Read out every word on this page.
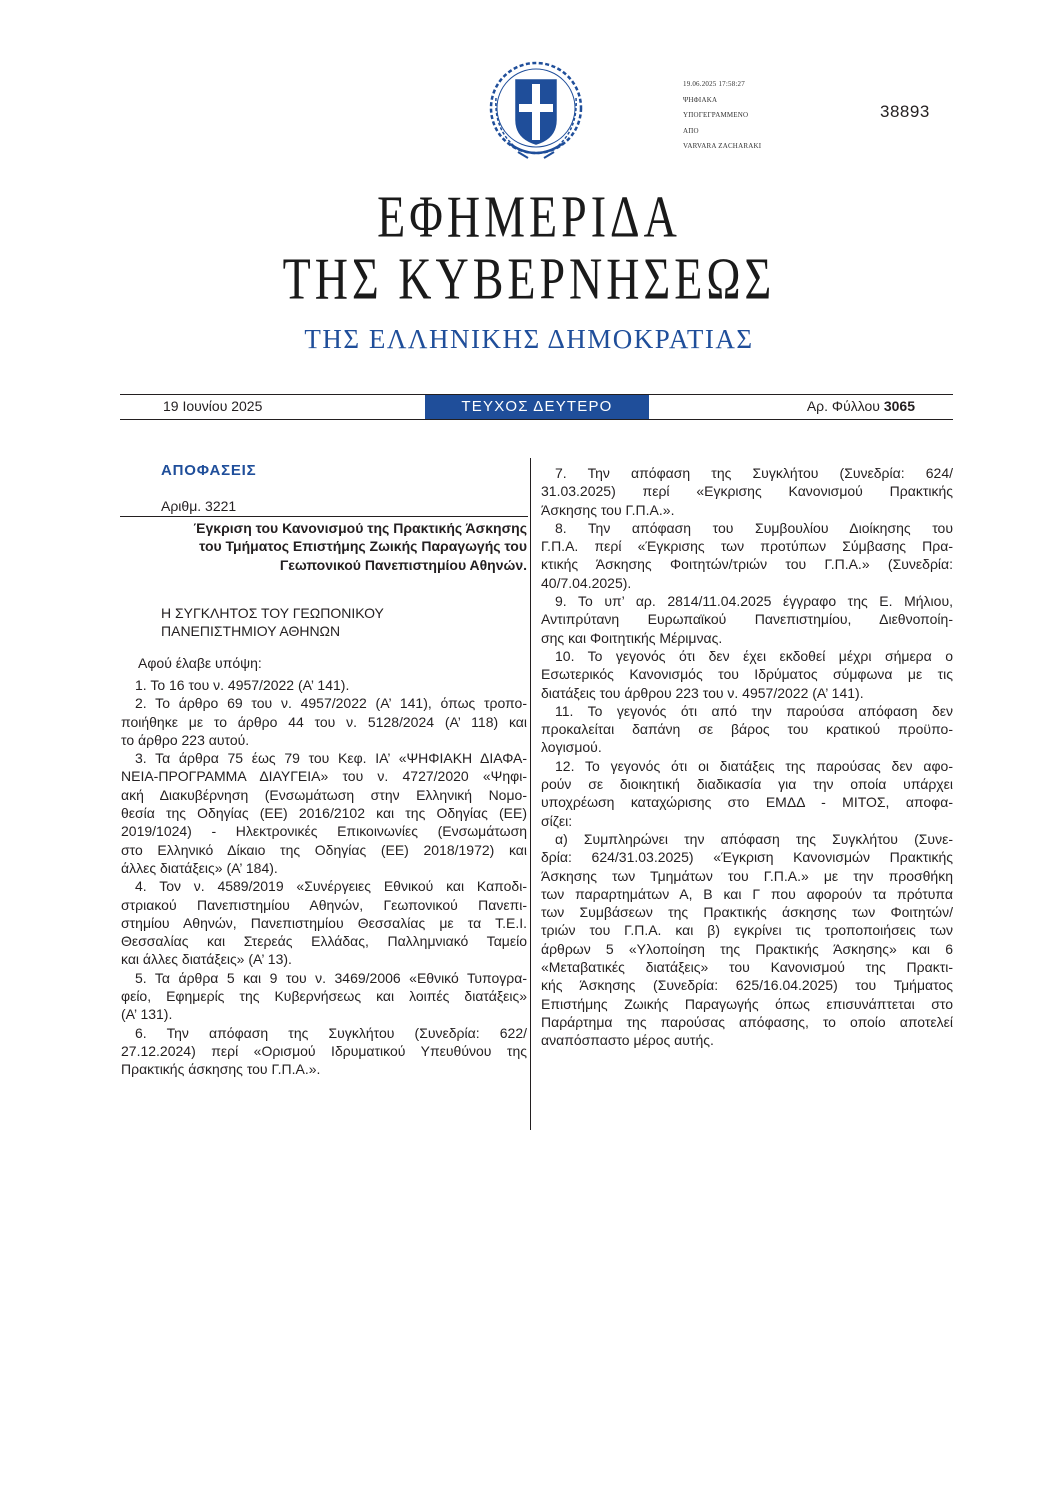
19.06.2025 17:58:27
ΨΗΦΙΑΚΑ
ΥΠΟΓΕΓΡΑΜΜΕΝΟ
ΑΠΟ
VARVARA ZACHARAKI
38893
ΕΦΗΜΕΡΙΔΑ
ΤΗΣ ΚΥΒΕΡΝΗΣΕΩΣ
ΤΗΣ ΕΛΛΗΝΙΚΗΣ ΔΗΜΟΚΡΑΤΙΑΣ
19 Ιουνίου 2025	ΤΕΥΧΟΣ ΔΕΥΤΕΡΟ	Αρ. Φύλλου 3065
ΑΠΟΦΑΣΕΙΣ
Αριθμ. 3221
Έγκριση του Κανονισμού της Πρακτικής Άσκησης
του Τμήματος Επιστήμης Ζωικής Παραγωγής του
Γεωπονικού Πανεπιστημίου Αθηνών.
Η ΣΥΓΚΛΗΤΟΣ ΤΟΥ ΓΕΩΠΟΝΙΚΟΥ
ΠΑΝΕΠΙΣΤΗΜΙΟΥ ΑΘΗΝΩΝ
Αφού έλαβε υπόψη:
1. Το 16 του ν. 4957/2022 (Α’ 141).
2. Το άρθρο 69 του ν. 4957/2022 (Α’ 141), όπως τροπο-
ποιήθηκε με το άρθρο 44 του ν. 5128/2024 (Α’ 118) και
το άρθρο 223 αυτού.
3. Τα άρθρα 75 έως 79 του Κεφ. ΙΑ’ «ΨΗΦΙΑΚΗ ΔΙΑΦΑ-
ΝΕΙΑ-ΠΡΟΓΡΑΜΜΑ ΔΙΑΥΓΕΙΑ» του ν. 4727/2020 «Ψηφι-
ακή Διακυβέρνηση (Ενσωμάτωση στην Ελληνική Νομο-
θεσία της Οδηγίας (ΕΕ) 2016/2102 και της Οδηγίας (ΕΕ)
2019/1024) - Ηλεκτρονικές Επικοινωνίες (Ενσωμάτωση
στο Ελληνικό Δίκαιο της Οδηγίας (ΕΕ) 2018/1972) και
άλλες διατάξεις» (Α’ 184).
4. Τον ν. 4589/2019 «Συνέργειες Εθνικού και Καποδι-
στριακού Πανεπιστημίου Αθηνών, Γεωπονικού Πανεπι-
στημίου Αθηνών, Πανεπιστημίου Θεσσαλίας με τα Τ.Ε.Ι.
Θεσσαλίας και Στερεάς Ελλάδας, Παλλημνιακό Ταμείο
και άλλες διατάξεις» (Α’ 13).
5. Τα άρθρα 5 και 9 του ν. 3469/2006 «Εθνικό Τυπογρα-
φείο, Εφημερίς της Κυβερνήσεως και λοιπές διατάξεις»
(Α’ 131).
6. Την απόφαση της Συγκλήτου (Συνεδρία: 622/
27.12.2024) περί «Ορισμού Ιδρυματικού Υπευθύνου της
Πρακτικής άσκησης του Γ.Π.Α.».
7. Την απόφαση της Συγκλήτου (Συνεδρία: 624/
31.03.2025) περί «Εγκρισης Κανονισμού Πρακτικής
Άσκησης του Γ.Π.Α.».
8. Την απόφαση του Συμβουλίου Διοίκησης του
Γ.Π.Α. περί «Έγκρισης των προτύπων Σύμβασης Πρα-
κτικής Άσκησης Φοιτητών/τριών του Γ.Π.Α.» (Συνεδρία:
40/7.04.2025).
9. Το υπ’ αρ. 2814/11.04.2025 έγγραφο της Ε. Μήλιου,
Αντιπρύτανη Ευρωπαϊκού Πανεπιστημίου, Διεθνοποίη-
σης και Φοιτητικής Μέριμνας.
10. Το γεγονός ότι δεν έχει εκδοθεί μέχρι σήμερα ο
Εσωτερικός Κανονισμός του Ιδρύματος σύμφωνα με τις
διατάξεις του άρθρου 223 του ν. 4957/2022 (Α’ 141).
11. Το γεγονός ότι από την παρούσα απόφαση δεν
προκαλείται δαπάνη σε βάρος του κρατικού προϋπο-
λογισμού.
12. Το γεγονός ότι οι διατάξεις της παρούσας δεν αφο-
ρούν σε διοικητική διαδικασία για την οποία υπάρχει
υποχρέωση καταχώρισης στο ΕΜΔΔ - ΜΙΤΟΣ, αποφα-
σίζει:
α) Συμπληρώνει την απόφαση της Συγκλήτου (Συνε-
δρία: 624/31.03.2025) «Έγκριση Κανονισμών Πρακτικής
Άσκησης των Τμημάτων του Γ.Π.Α.» με την προσθήκη
των παραρτημάτων Α, Β και Γ που αφορούν τα πρότυπα
των Συμβάσεων της Πρακτικής άσκησης των Φοιτητών/
τριών του Γ.Π.Α. και β) εγκρίνει τις τροποποιήσεις των
άρθρων 5 «Υλοποίηση της Πρακτικής Άσκησης» και 6
«Μεταβατικές διατάξεις» του Κανονισμού της Πρακτι-
κής Άσκησης (Συνεδρία: 625/16.04.2025) του Τμήματος
Επιστήμης Ζωικής Παραγωγής όπως επισυνάπτεται στο
Παράρτημα της παρούσας απόφασης, το οποίο αποτελεί
αναπόσπαστο μέρος αυτής.
